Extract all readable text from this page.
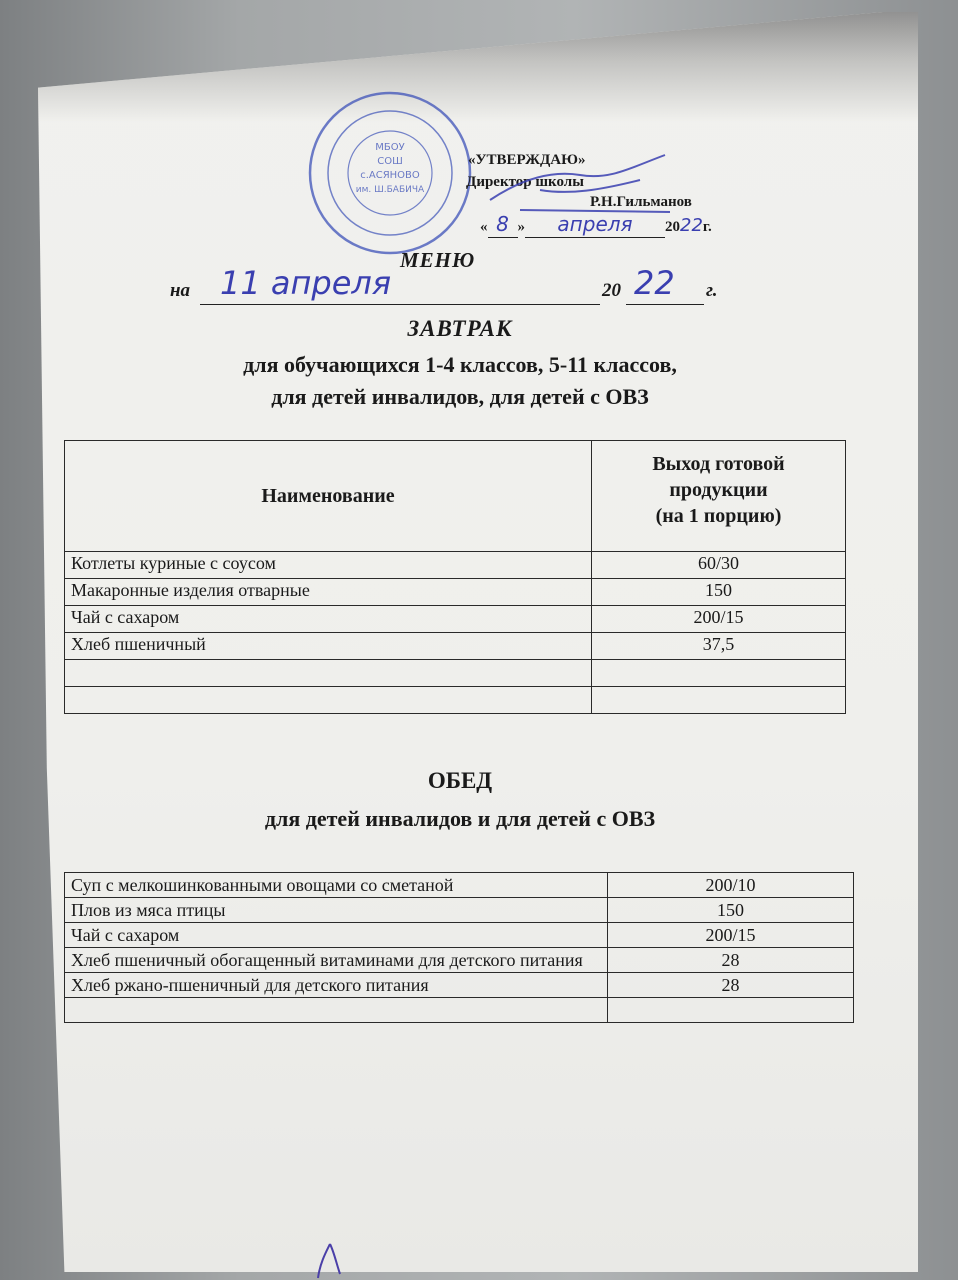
МБОУ
СОШ
с.АСЯНОВО
им. Ш.БАБИЧА
«УТВЕРЖДАЮ»
Директор школы
Р.Н.Гильманов
« 8 » апреля 2022г.
МЕНЮ
на 11 апреля	20 22 г.
ЗАВТРАК
для обучающихся 1-4 классов, 5-11 классов,
для детей инвалидов, для детей с ОВЗ
Наименование	Выход готовой
продукции
(на 1 порцию)

Котлеты куриные с соусом	60/30
Макаронные изделия отварные	150
Чай с сахаром	200/15
Хлеб пшеничный	37,5

ОБЕД
для детей инвалидов и для детей с ОВЗ
Суп с мелкошинкованными овощами со сметаной	200/10
Плов из мяса птицы	150
Чай с сахаром	200/15
Хлеб пшеничный обогащенный витаминами для детского питания	28
Хлеб ржано-пшеничный для детского питания	28
